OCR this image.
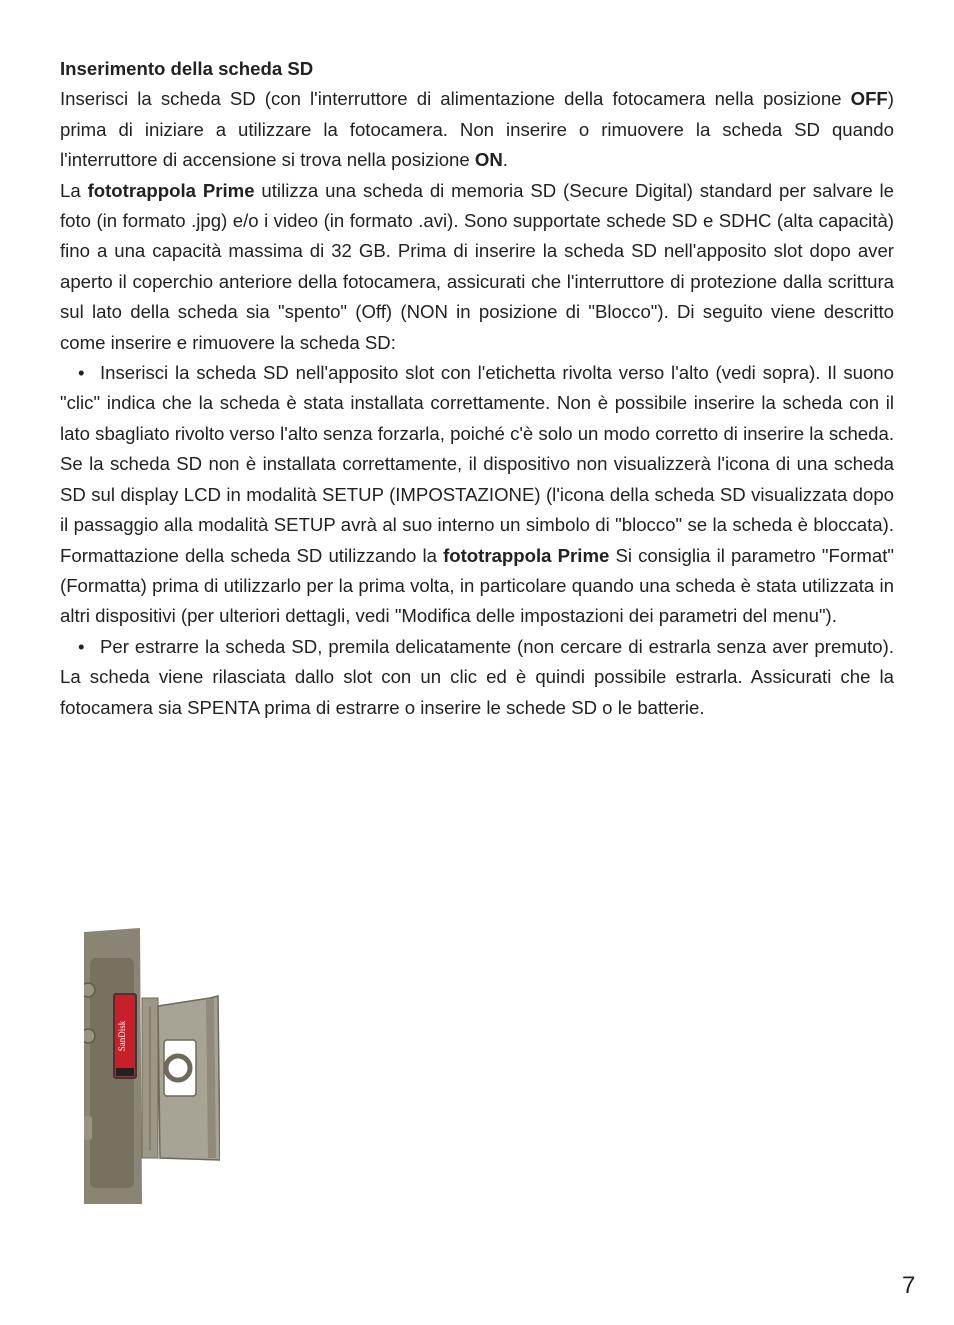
Inserimento della scheda SD

Inserisci la scheda SD (con l'interruttore di alimentazione della fotocamera nella posizione OFF) prima di iniziare a utilizzare la fotocamera. Non inserire o rimuovere la scheda SD quando l'interruttore di accensione si trova nella posizione ON.

La fototrappola Prime utilizza una scheda di memoria SD (Secure Digital) standard per salvare le foto (in formato .jpg) e/o i video (in formato .avi). Sono supportate schede SD e SDHC (alta capacità) fino a una capacità massima di 32 GB. Prima di inserire la scheda SD nell'apposito slot dopo aver aperto il coperchio anteriore della fotocamera, assicurati che l'interruttore di protezione dalla scrittura sul lato della scheda sia "spento" (Off) (NON in posizione di "Blocco"). Di seguito viene descritto come inserire e rimuovere la scheda SD:

• Inserisci la scheda SD nell'apposito slot con l'etichetta rivolta verso l'alto (vedi sopra). Il suono "clic" indica che la scheda è stata installata correttamente. Non è possibile inserire la scheda con il lato sbagliato rivolto verso l'alto senza forzarla, poiché c'è solo un modo corretto di inserire la scheda. Se la scheda SD non è installata correttamente, il dispositivo non visualizzerà l'icona di una scheda SD sul display LCD in modalità SETUP (IMPOSTAZIONE) (l'icona della scheda SD visualizzata dopo il passaggio alla modalità SETUP avrà al suo interno un simbolo di "blocco" se la scheda è bloccata). Formattazione della scheda SD utilizzando la fototrappola Prime Si consiglia il parametro "Format" (Formatta) prima di utilizzarlo per la prima volta, in particolare quando una scheda è stata utilizzata in altri dispositivi (per ulteriori dettagli, vedi "Modifica delle impostazioni dei parametri del menu").

• Per estrarre la scheda SD, premila delicatamente (non cercare di estrarla senza aver premuto). La scheda viene rilasciata dallo slot con un clic ed è quindi possibile estrarla. Assicurati che la fotocamera sia SPENTA prima di estrarre o inserire le schede SD o le batterie.

SanDisk
7
